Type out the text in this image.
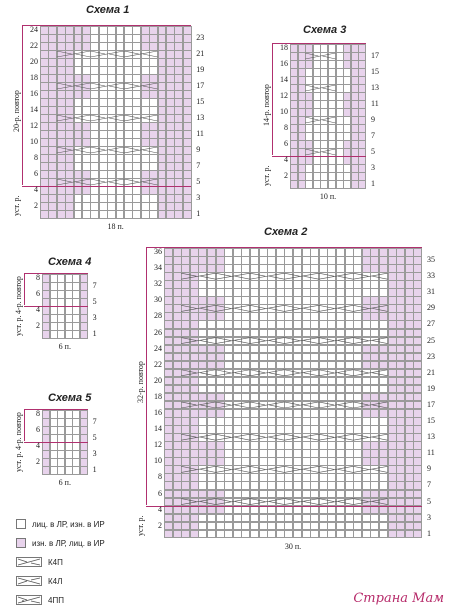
Схема 1
Схема 3
Схема 4
Схема 5
Схема 2
24
22
20
18
16
14
12
10
8
6
4
2
23
21
19
17
15
13
11
9
7
5
3
1
20-р. повтор
уст. р.
18 п.
18
16
14
12
10
8
6
4
2
17
15
13
11
9
7
5
3
1
14-р. повтор
уст. р.
10 п.
8
6
4
2
7
5
3
1
4-р. повтор
уст. р.
6 п.
8
6
4
2
7
5
3
1
4-р. повтор
уст. р.
6 п.
36
34
32
30
28
26
24
22
20
18
16
14
12
10
8
6
4
2
35
33
31
29
27
25
23
21
19
17
15
13
11
9
7
5
3
1
32-р. повтор
уст. р.
30 п.
лиц. в ЛР, изн. в ИР
изн. в ЛР, лиц. в ИР
К4П
К4Л
4ПП	Страна Мам
